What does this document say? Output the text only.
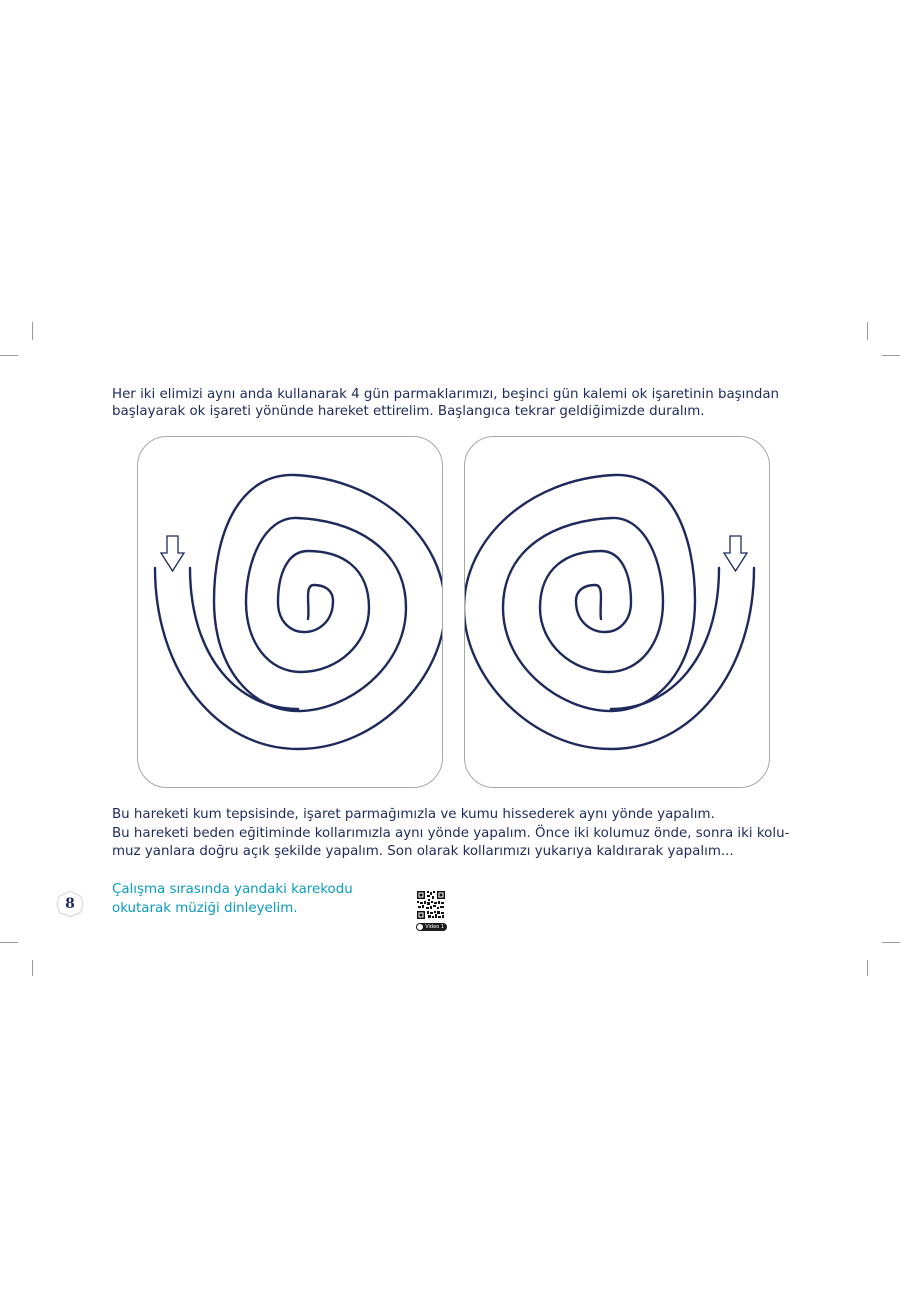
Her iki elimizi aynı anda kullanarak 4 gün parmaklarımızı, beşinci gün kalemi ok işaretinin başından
başlayarak ok işareti yönünde hareket ettirelim. Başlangıca tekrar geldiğimizde duralım.

Bu hareketi kum tepsisinde, işaret parmağımızla ve kumu hissederek aynı yönde yapalım.
Bu hareketi beden eğitiminde kollarımızla aynı yönde yapalım. Önce iki kolumuz önde, sonra iki kolu-
muz yanlara doğru açık şekilde yapalım. Son olarak kollarımızı yukarıya kaldırarak yapalım...

8

Çalışma sırasında yandaki karekodu
okutarak müziği dinleyelim.

Video 1
